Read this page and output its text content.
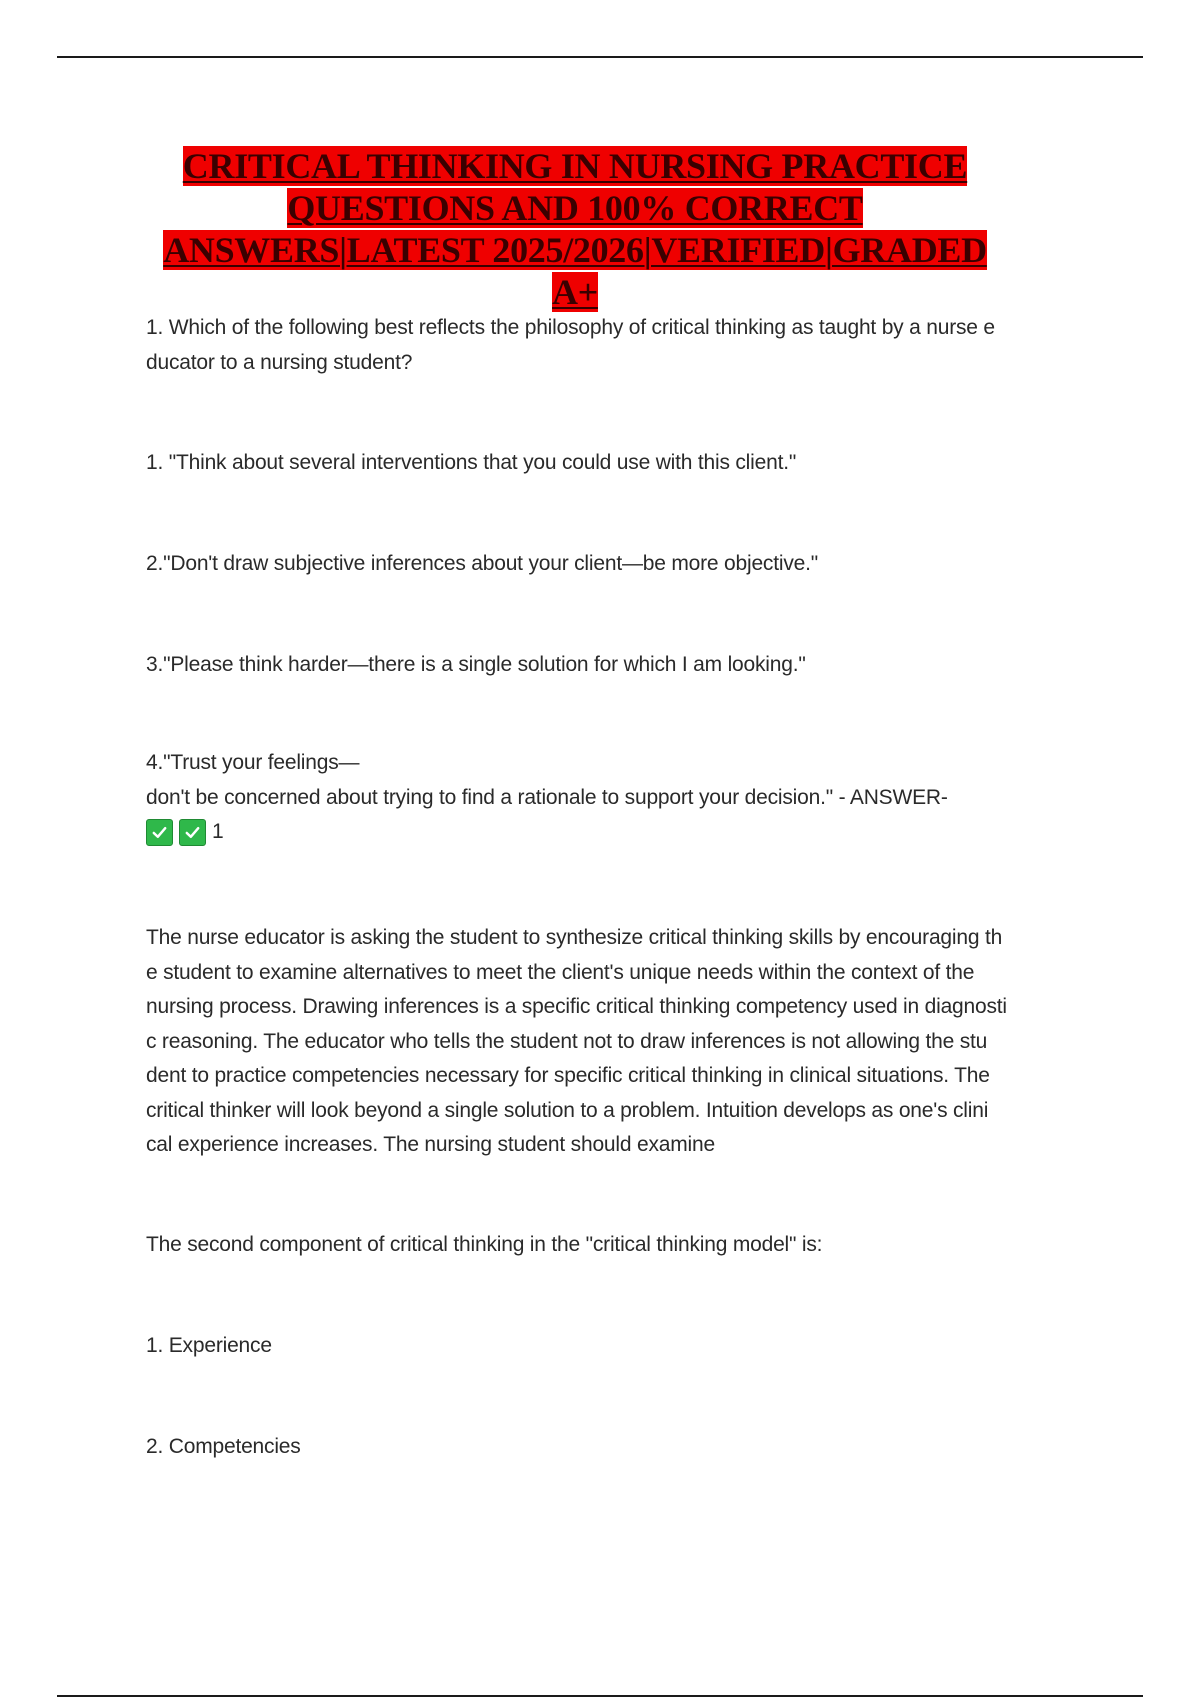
CRITICAL THINKING IN NURSING PRACTICE
QUESTIONS AND 100% CORRECT
ANSWERS|LATEST 2025/2026|VERIFIED|GRADED
A+
1. Which of the following best reflects the philosophy of critical thinking as taught by a nurse e
ducator to a nursing student?
1. "Think about several interventions that you could use with this client."
2."Don't draw subjective inferences about your client—be more objective."
3."Please think harder—there is a single solution for which I am looking."
4."Trust your feelings—
don't be concerned about trying to find a rationale to support your decision." - ANSWER-
1
The nurse educator is asking the student to synthesize critical thinking skills by encouraging th
e student to examine alternatives to meet the client's unique needs within the context of the
nursing process. Drawing inferences is a specific critical thinking competency used in diagnosti
c reasoning. The educator who tells the student not to draw inferences is not allowing the stu
dent to practice competencies necessary for specific critical thinking in clinical situations. The
critical thinker will look beyond a single solution to a problem. Intuition develops as one's clini
cal experience increases. The nursing student should examine
The second component of critical thinking in the "critical thinking model" is:
1. Experience
2. Competencies
